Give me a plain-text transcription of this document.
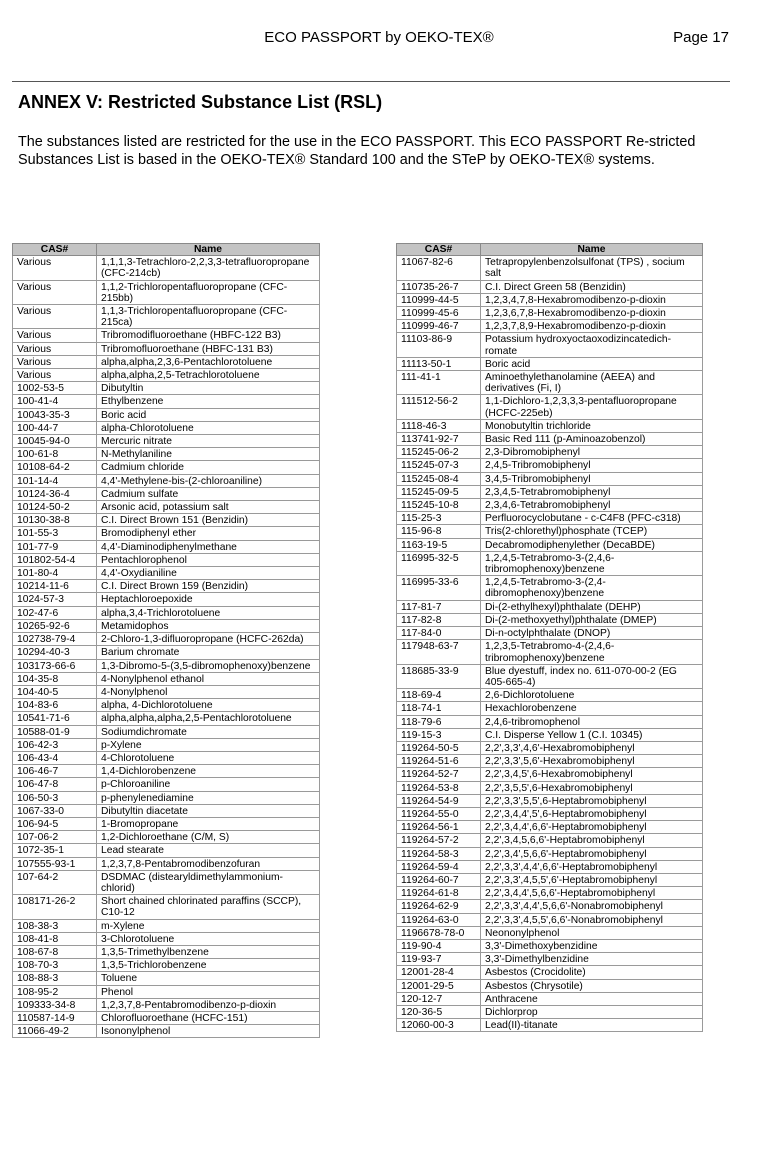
ECO PASSPORT by OEKO-TEX®	Page 17
ANNEX V: Restricted Substance List (RSL)

The substances listed are restricted for the use in the ECO PASSPORT. This ECO PASSPORT Re-stricted Substances List is based in the OEKO-TEX® Standard 100 and the STeP by OEKO-TEX® systems.

CAS#	Name
Various	1,1,1,3-Tetrachloro-2,2,3,3-tetrafluoropropane (CFC-214cb)
Various	1,1,2-Trichloropentafluoropropane (CFC-215bb)
Various	1,1,3-Trichloropentafluoropropane (CFC-215ca)
Various	Tribromodifluoroethane (HBFC-122 B3)
Various	Tribromofluoroethane (HBFC-131 B3)
Various	alpha,alpha,2,3,6-Pentachlorotoluene
Various	alpha,alpha,2,5-Tetrachlorotoluene
1002-53-5	Dibutyltin
100-41-4	Ethylbenzene
10043-35-3	Boric acid
100-44-7	alpha-Chlorotoluene
10045-94-0	Mercuric nitrate
100-61-8	N-Methylaniline
10108-64-2	Cadmium chloride
101-14-4	4,4'-Methylene-bis-(2-chloroaniline)
10124-36-4	Cadmium sulfate
10124-50-2	Arsonic acid, potassium salt
10130-38-8	C.I. Direct Brown 151 (Benzidin)
101-55-3	Bromodiphenyl ether
101-77-9	4,4'-Diaminodiphenylmethane
101802-54-4	Pentachlorophenol
101-80-4	4,4'-Oxydianiline
10214-11-6	C.I. Direct Brown 159 (Benzidin)
1024-57-3	Heptachloroepoxide
102-47-6	alpha,3,4-Trichlorotoluene
10265-92-6	Metamidophos
102738-79-4	2-Chloro-1,3-difluoropropane (HCFC-262da)
10294-40-3	Barium chromate
103173-66-6	1,3-Dibromo-5-(3,5-dibromophenoxy)benzene
104-35-8	4-Nonylphenol ethanol
104-40-5	4-Nonylphenol
104-83-6	alpha, 4-Dichlorotoluene
10541-71-6	alpha,alpha,alpha,2,5-Pentachlorotoluene
10588-01-9	Sodiumdichromate
106-42-3	p-Xylene
106-43-4	4-Chlorotoluene
106-46-7	1,4-Dichlorobenzene
106-47-8	p-Chloroaniline
106-50-3	p-phenylenediamine
1067-33-0	Dibutyltin diacetate
106-94-5	1-Bromopropane
107-06-2	1,2-Dichloroethane (C/M, S)
1072-35-1	Lead stearate
107555-93-1	1,2,3,7,8-Pentabromodibenzofuran
107-64-2	DSDMAC (distearyldimethylammonium-chlorid)
108171-26-2	Short chained chlorinated paraffins (SCCP), C10-12
108-38-3	m-Xylene
108-41-8	3-Chlorotoluene
108-67-8	1,3,5-Trimethylbenzene
108-70-3	1,3,5-Trichlorobenzene
108-88-3	Toluene
108-95-2	Phenol
109333-34-8	1,2,3,7,8-Pentabromodibenzo-p-dioxin
110587-14-9	Chlorofluoroethane (HCFC-151)
11066-49-2	Isononylphenol
CAS#	Name
11067-82-6	Tetrapropylenbenzolsulfonat (TPS) , socium salt
110735-26-7	C.I. Direct Green 58 (Benzidin)
110999-44-5	1,2,3,4,7,8-Hexabromodibenzo-p-dioxin
110999-45-6	1,2,3,6,7,8-Hexabromodibenzo-p-dioxin
110999-46-7	1,2,3,7,8,9-Hexabromodibenzo-p-dioxin
11103-86-9	Potassium hydroxyoctaoxodizincatedich-romate
11113-50-1	Boric acid
111-41-1	Aminoethylethanolamine (AEEA) and derivatives (Fi, I)
111512-56-2	1,1-Dichloro-1,2,3,3,3-pentafluoropropane (HCFC-225eb)
1118-46-3	Monobutyltin trichloride
113741-92-7	Basic Red 111 (p-Aminoazobenzol)
115245-06-2	2,3-Dibromobiphenyl
115245-07-3	2,4,5-Tribromobiphenyl
115245-08-4	3,4,5-Tribromobiphenyl
115245-09-5	2,3,4,5-Tetrabromobiphenyl
115245-10-8	2,3,4,6-Tetrabromobiphenyl
115-25-3	Perfluorocyclobutane - c-C4F8 (PFC-c318)
115-96-8	Tris(2-chlorethyl)phosphate (TCEP)
1163-19-5	Decabromodiphenylether (DecaBDE)
116995-32-5	1,2,4,5-Tetrabromo-3-(2,4,6-tribromophenoxy)benzene
116995-33-6	1,2,4,5-Tetrabromo-3-(2,4-dibromophenoxy)benzene
117-81-7	Di-(2-ethylhexyl)phthalate (DEHP)
117-82-8	Di-(2-methoxyethyl)phthalate (DMEP)
117-84-0	Di-n-octylphthalate (DNOP)
117948-63-7	1,2,3,5-Tetrabromo-4-(2,4,6-tribromophenoxy)benzene
118685-33-9	Blue dyestuff, index no. 611-070-00-2 (EG 405-665-4)
118-69-4	2,6-Dichlorotoluene
118-74-1	Hexachlorobenzene
118-79-6	2,4,6-tribromophenol
119-15-3	C.I. Disperse Yellow 1 (C.I. 10345)
119264-50-5	2,2',3,3',4,6'-Hexabromobiphenyl
119264-51-6	2,2',3,3',5,6'-Hexabromobiphenyl
119264-52-7	2,2',3,4,5',6-Hexabromobiphenyl
119264-53-8	2,2',3,5,5',6-Hexabromobiphenyl
119264-54-9	2,2',3,3',5,5',6-Heptabromobiphenyl
119264-55-0	2,2',3,4,4',5',6-Heptabromobiphenyl
119264-56-1	2,2',3,4,4',6,6'-Heptabromobiphenyl
119264-57-2	2,2',3,4,5,6,6'-Heptabromobiphenyl
119264-58-3	2,2',3,4',5,6,6'-Heptabromobiphenyl
119264-59-4	2,2',3,3',4,4',6,6'-Heptabromobiphenyl
119264-60-7	2,2',3,3',4,5,5',6'-Heptabromobiphenyl
119264-61-8	2,2',3,4,4',5,6,6'-Heptabromobiphenyl
119264-62-9	2,2',3,3',4,4',5,6,6'-Nonabromobiphenyl
119264-63-0	2,2',3,3',4,5,5',6,6'-Nonabromobiphenyl
1196678-78-0	Neononylphenol
119-90-4	3,3'-Dimethoxybenzidine
119-93-7	3,3'-Dimethylbenzidine
12001-28-4	Asbestos (Crocidolite)
12001-29-5	Asbestos (Chrysotile)
120-12-7	Anthracene
120-36-5	Dichlorprop
12060-00-3	Lead(II)-titanate
